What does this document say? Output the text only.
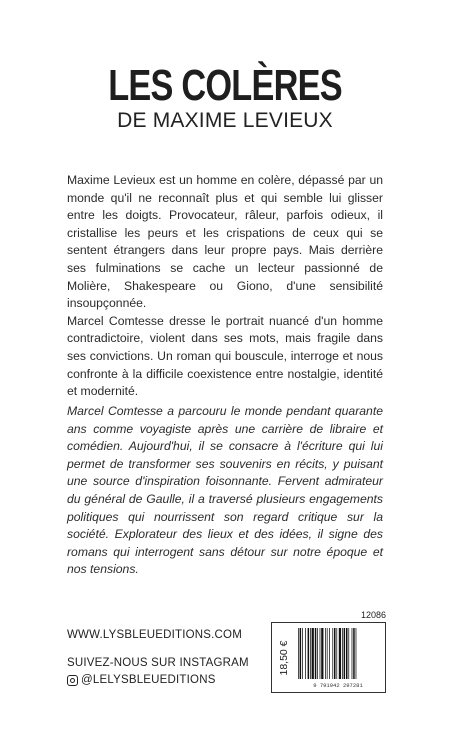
LES COLÈRES
DE MAXIME LEVIEUX

Maxime Levieux est un homme en colère, dépassé par un monde qu'il ne reconnaît plus et qui semble lui glisser entre les doigts. Provocateur, râleur, parfois odieux, il cristallise les peurs et les crispations de ceux qui se sentent étrangers dans leur propre pays. Mais derrière ses fulminations se cache un lecteur passionné de Molière, Shakespeare ou Giono, d'une sensibilité insoupçonnée.

Marcel Comtesse dresse le portrait nuancé d'un homme contradictoire, violent dans ses mots, mais fragile dans ses convictions. Un roman qui bouscule, interroge et nous confronte à la difficile coexistence entre nostalgie, identité et modernité.

Marcel Comtesse a parcouru le monde pendant quarante ans comme voyagiste après une carrière de libraire et comédien. Aujourd'hui, il se consacre à l'écriture qui lui permet de transformer ses souvenirs en récits, y puisant une source d'inspiration foisonnante. Fervent admirateur du général de Gaulle, il a traversé plusieurs engagements politiques qui nourrissent son regard critique sur la société. Explorateur des lieux et des idées, il signe des romans qui interrogent sans détour sur notre époque et nos tensions.

WWW.LYSBLEUEDITIONS.COM
SUIVEZ-NOUS SUR INSTAGRAM
@LELYSBLEUEDITIONS
12086
18,50 €
9 791042 297281
